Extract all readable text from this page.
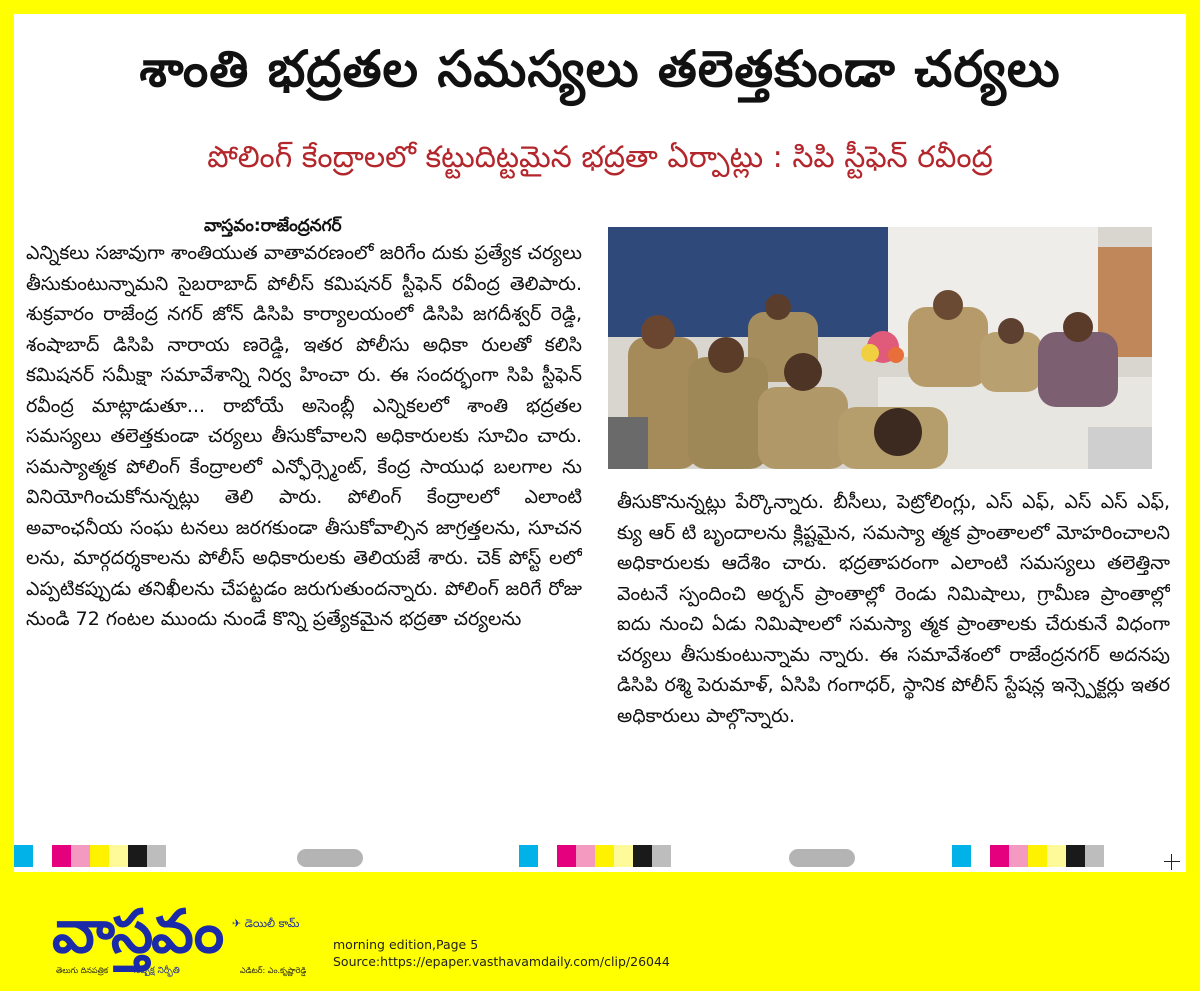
శాంతి భద్రతల సమస్యలు తలెత్తకుండా చర్యలు
పోలింగ్ కేంద్రాలలో కట్టుదిట్టమైన భద్రతా ఏర్పాట్లు : సిపి స్టీఫెన్ రవీంద్ర
వాస్తవం:రాజేంద్రనగర్
ఎన్నికలు సజావుగా శాంతియుత వాతావరణంలో జరిగేం దుకు ప్రత్యేక చర్యలు తీసుకుంటున్నామని సైబరాబాద్ పోలీస్ కమిషనర్ స్టీఫెన్ రవీంద్ర తెలిపారు. శుక్రవారం రాజేంద్ర నగర్ జోన్ డిసిపి కార్యాలయంలో డిసిపి జగదీశ్వర్ రెడ్డి, శంషాబాద్ డిసిపి నారాయ ణరెడ్డి, ఇతర పోలీసు అధికా రులతో కలిసి కమిషనర్ సమీక్షా సమావేశాన్ని నిర్వ హించా రు. ఈ సందర్భంగా సిపి స్టీఫెన్ రవీంద్ర మాట్లాడుతూ... రాబోయే అసెంబ్లీ ఎన్నికలలో శాంతి భద్రతల సమస్యలు తలెత్తకుండా చర్యలు తీసుకోవాలని అధికారులకు సూచిం చారు. సమస్యాత్మక పోలింగ్ కేంద్రాలలో ఎన్ఫోర్స్మెంట్, కేంద్ర సాయుధ బలగాల ను వినియోగించుకోనున్నట్లు తెలి పారు. పోలింగ్ కేంద్రాలలో ఎలాంటి అవాంఛనీయ సంఘ టనలు జరగకుండా తీసుకోవాల్సిన జాగ్రత్తలను, సూచన లను, మార్గదర్శకాలను పోలీస్ అధికారులకు తెలియజే శారు. చెక్ పోస్ట్ లలో ఎప్పటికప్పుడు తనిఖీలను చేపట్టడం జరుగుతుందన్నారు. పోలింగ్ జరిగే రోజు నుండి 72 గంటల ముందు నుండే కొన్ని ప్రత్యేకమైన భద్రతా చర్యలను
తీసుకొనున్నట్లు పేర్కొన్నారు. బీసీలు, పెట్రోలింగ్లు, ఎస్ ఎఫ్, ఎస్ ఎస్ ఎఫ్, క్యు ఆర్ టి బృందాలను క్లిష్టమైన, సమస్యా త్మక ప్రాంతాలలో మోహరించాలని అధికారులకు ఆదేశిం చారు. భద్రతాపరంగా ఎలాంటి సమస్యలు తలెత్తినా వెంటనే స్పందించి అర్బన్ ప్రాంతాల్లో రెండు నిమిషాలు, గ్రామీణ ప్రాంతాల్లో ఐదు నుంచి ఏడు నిమిషాలలో సమస్యా త్మక ప్రాంతాలకు చేరుకునే విధంగా చర్యలు తీసుకుంటున్నామ న్నారు. ఈ సమావేశంలో రాజేంద్రనగర్ అదనపు డిసిపి రశ్మి పెరుమాళ్, ఏసిపి గంగాధర్, స్థానిక పోలీస్ స్టేషన్ల ఇన్స్పెక్టర్లు ఇతర అధికారులు పాల్గొన్నారు.
వాస్తవం ✈ డెయిలీ కామ్
తెలుగు దినపత్రిక	నిష్పక్ష నిర్భీతి	ఎడిటర్: ఎం.కృష్ణారెడ్డి
morning edition,Page 5
Source:https://epaper.vasthavamdaily.com/clip/26044
